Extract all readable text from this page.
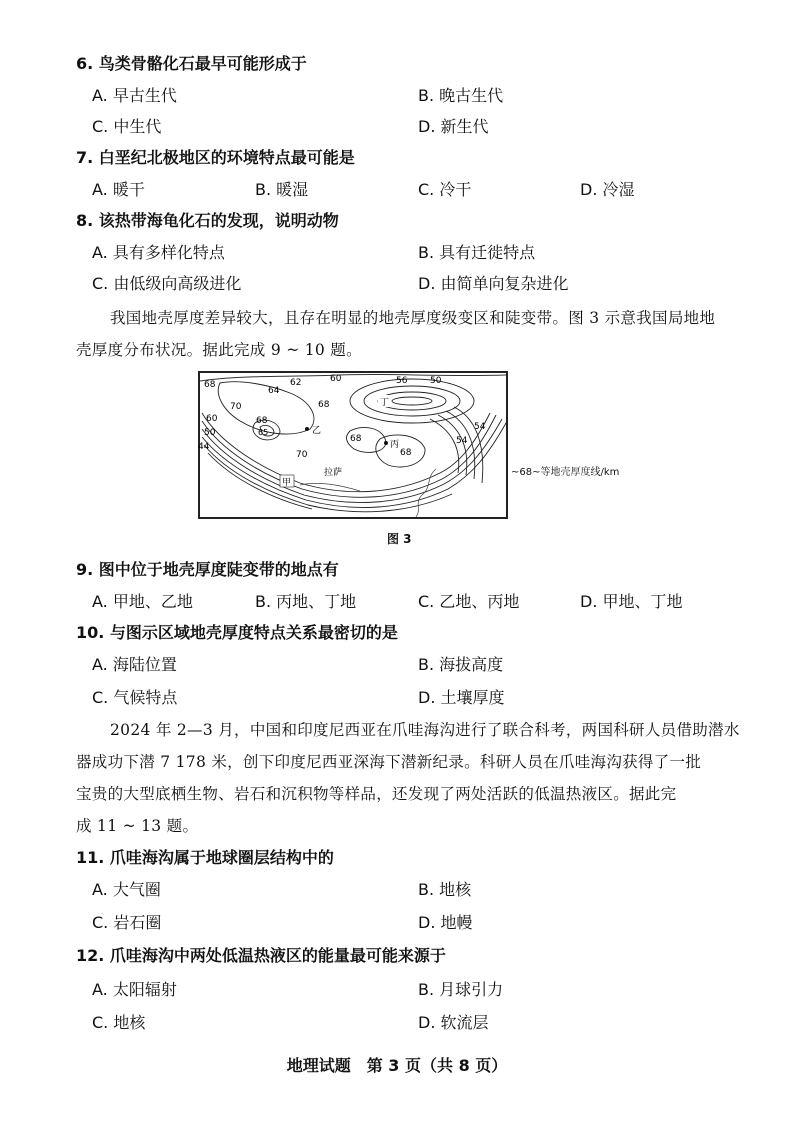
6. 鸟类骨骼化石最早可能形成于
A. 早古生代	B. 晚古生代
C. 中生代	D. 新生代
7. 白垩纪北极地区的环境特点最可能是
A. 暖干	B. 暖湿	C. 冷干	D. 冷湿
8. 该热带海龟化石的发现，说明动物
A. 具有多样化特点	B. 具有迁徙特点
C. 由低级向高级进化	D. 由简单向复杂进化
我国地壳厚度差异较大，且存在明显的地壳厚度级变区和陡变带。图 3 示意我国局地地
壳厚度分布状况。据此完成 9 ~ 10 题。
68
64
62	60	56	50
70	68
68
65
60
50
44
70
68
68
54
54
丁
乙
丙
甲
拉萨	~68~等地壳厚度线/km
图 3
9. 图中位于地壳厚度陡变带的地点有
A. 甲地、乙地	B. 丙地、丁地	C. 乙地、丙地	D. 甲地、丁地
10. 与图示区域地壳厚度特点关系最密切的是
A. 海陆位置	B. 海拔高度
C. 气候特点	D. 土壤厚度
2024 年 2—3 月，中国和印度尼西亚在爪哇海沟进行了联合科考，两国科研人员借助潜水
器成功下潜 7 178 米，创下印度尼西亚深海下潜新纪录。科研人员在爪哇海沟获得了一批
宝贵的大型底栖生物、岩石和沉积物等样品，还发现了两处活跃的低温热液区。据此完
成 11 ~ 13 题。
11. 爪哇海沟属于地球圈层结构中的
A. 大气圈	B. 地核
C. 岩石圈	D. 地幔
12. 爪哇海沟中两处低温热液区的能量最可能来源于
A. 太阳辐射	B. 月球引力
C. 地核	D. 软流层
地理试题　第 3 页（共 8 页）
